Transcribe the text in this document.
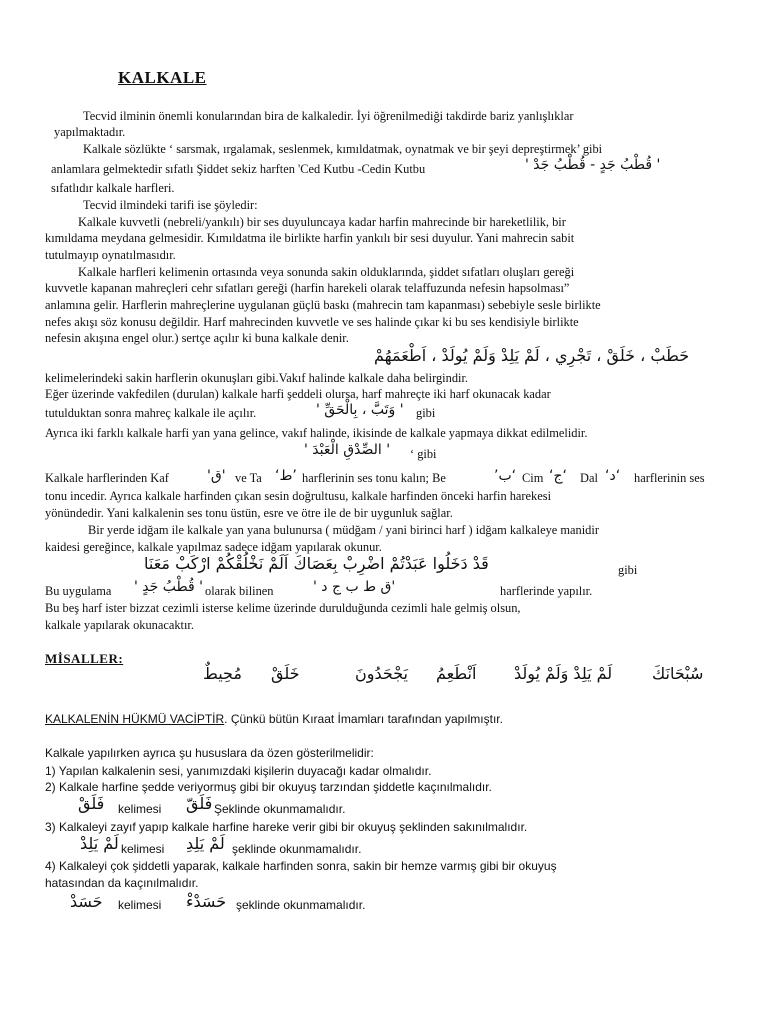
KALKALE
Tecvid ilminin önemli konularından bira de kalkaledir. İyi öğrenilmediği takdirde bariz yanlışlıklar
yapılmaktadır.
Kalkale sözlükte ‘ sarsmak, ırgalamak, seslenmek, kımıldatmak, oynatmak ve bir şeyi depreştirmek’ gibi
anlamlara gelmektedir sıfatlı Şiddet sekiz harften 'Ced Kutbu -Cedin Kutbu	' قُطْبُ جَدٍ - قُطْبُ جَدْ '
sıfatlıdır kalkale harfleri.
Tecvid ilmindeki tarifi ise şöyledir:
Kalkale kuvvetli (nebreli/yankılı) bir ses duyuluncaya kadar harfin mahrecinde bir hareketlilik, bir
kımıldama meydana gelmesidir. Kımıldatma ile birlikte harfin yankılı bir sesi duyulur. Yani mahrecin sabit
tutulmayıp oynatılmasıdır.
Kalkale harfleri kelimenin ortasında veya sonunda sakin olduklarında, şiddet sıfatları oluşları gereği
kuvvetle kapanan mahreçleri cehr sıfatları gereği (harfin harekeli olarak telaffuzunda nefesin hapsolması”
anlamına gelir. Harflerin mahreçlerine uygulanan güçlü baskı (mahrecin tam kapanması) sebebiyle sesle birlikte
nefes akışı söz konusu değildir. Harf mahrecinden kuvvetle ve ses halinde çıkar ki bu ses kendisiyle birlikte
nefesin akışına engel olur.) sertçe açılır ki buna kalkale denir.
حَطَبْ ، خَلَقْ ، تَجْرِي ، لَمْ يَلِدْ وَلَمْ يُولَدْ ، اَطْعَمَهُمْ
kelimelerindeki sakin harflerin okunuşları gibi.Vakıf halinde kalkale daha belirgindir.
Eğer üzerinde vakfedilen (durulan) kalkale harfi şeddeli olursa, harf mahreçte iki harf okunacak kadar
tutulduktan sonra mahreç kalkale ile açılır.	' وَتَبَّ ، بِالْحَقِّ ' gibi
Ayrıca iki farklı kalkale harfi yan yana gelince, vakıf halinde, ikisinde de kalkale yapmaya dikkat edilmelidir.
' الصِّدْقِ الْعَبْدَ ' ‘ gibi
Kalkale harflerinden Kaf	'ق' ve Ta ‘ط’ harflerinin ses tonu kalın; Be	’ب‘ Cim ‘ج‘ Dal ‘د‘ harflerinin ses
tonu incedir. Ayrıca kalkale harfinden çıkan sesin doğrultusu, kalkale harfinden önceki harfin harekesi
yönündedir. Yani kalkalenin ses tonu üstün, esre ve ötre ile de bir uygunluk sağlar.
Bir yerde idğam ile kalkale yan yana bulunursa ( müdğam / yani birinci harf ) idğam kalkaleye manidir
kaidesi gereğince, kalkale yapılmaz sadece idğam yapılarak okunur.
قَدْ دَخَلُوا عَبَدْتُمْ اضْرِبْ بِعَصَاكَ اَلَمْ نَخْلُقْكُمْ ارْكَبْ مَعَنَا	gibi
Bu uygulama ' قُطْبُ جَدٍ ' olarak bilinen	'ق ط ب ج د '	harflerinde yapılır.
Bu beş harf ister bizzat cezimli isterse kelime üzerinde durulduğunda cezimli hale gelmiş olsun,
kalkale yapılarak okunacaktır.
MİSALLER:
سُبْحَانَكَ
لَمْ يَلِدْ وَلَمْ يُولَدْ
اَنْطَعِمُ
يَجْحَدُونَ
خَلَقْ
مُحِيطٌ
KALKALENİN HÜKMÜ VACİPTİR. Çünkü bütün Kıraat İmamları tarafından yapılmıştır.
Kalkale yapılırken ayrıca şu hususlara da özen gösterilmelidir:
1) Yapılan kalkalenin sesi, yanımızdaki kişilerin duyacağı kadar olmalıdır.
2) Kalkale harfine şedde veriyormuş gibi bir okuyuş tarzından şiddetle kaçınılmalıdır.
فَلَقْ kelimesi فَلَقّ Şeklinde okunmamalıdır.
3) Kalkaleyi zayıf yapıp kalkale harfine hareke verir gibi bir okuyuş şeklinden sakınılmalıdır.
لَمْ يَلِدْ kelimesi لَمْ يَلِدِ şeklinde okunmamalıdır.
4) Kalkaleyi çok şiddetli yaparak, kalkale harfinden sonra, sakin bir hemze varmış gibi bir okuyuş
hatasından da kaçınılmalıdır.
حَسَدْ kelimesi حَسَدْءْ şeklinde okunmamalıdır.
